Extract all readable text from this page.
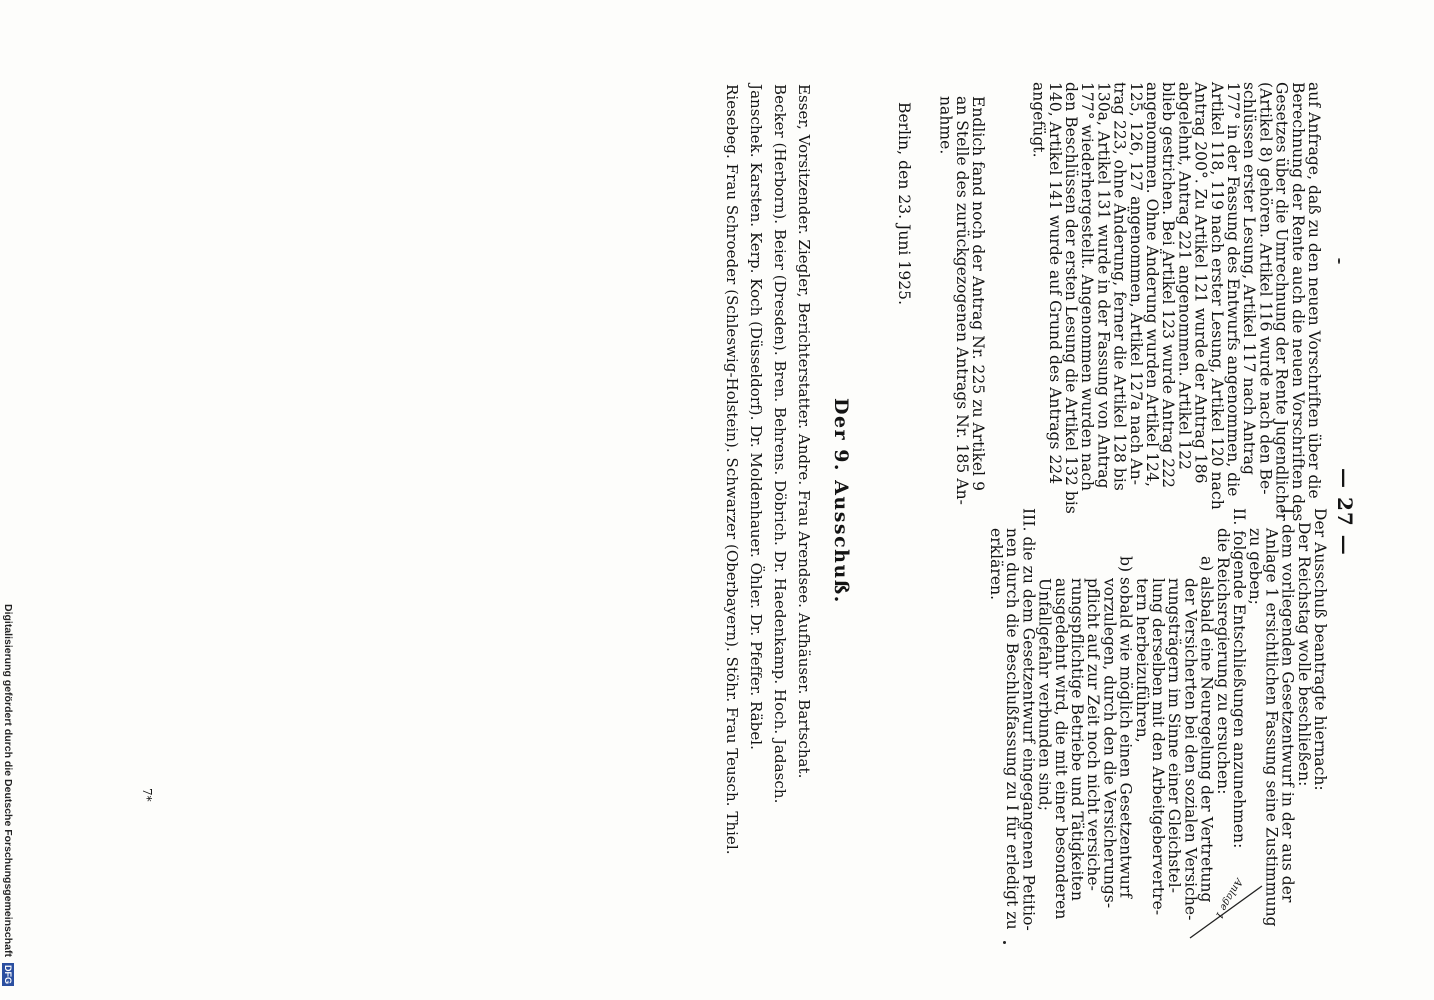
— 27 —
auf Anfrage, daß zu den neuen Vorschriften über die
Berechnung der Rente auch die neuen Vorschriften des
Gesetzes über die Umrechnung der Rente Jugendlicher
(Artikel 8) gehören. Artikel 116 wurde nach den Be-
schlüssen erster Lesung, Artikel 117 nach Antrag
177° in der Fassung des Entwurfs angenommen, die
Artikel 118, 119 nach erster Lesung, Artikel 120 nach
Antrag 200°. Zu Artikel 121 wurde der Antrag 186
abgelehnt, Antrag 221 angenommen. Artikel 122
blieb gestrichen. Bei Artikel 123 wurde Antrag 222
angenommen. Ohne Änderung wurden Artikel 124,
125, 126, 127 angenommen, Artikel 127a nach An-
trag 223, ohne Änderung, ferner die Artikel 128 bis
130a, Artikel 131 wurde in der Fassung von Antrag
177° wiederhergestellt. Angenommen wurden nach
den Beschlüssen der ersten Lesung die Artikel 132 bis
140, Artikel 141 wurde auf Grund des Antrags 224
angefügt.
Endlich fand noch der Antrag Nr. 225 zu Artikel 9
an Stelle des zurückgezogenen Antrags Nr. 185 An-
nahme.
Berlin, den 23. Juni 1925.
Der Ausschuß beantragte hiernach:
Der Reichstag wolle beschließen:
I. dem vorliegenden Gesetzentwurf in der aus der
Anlage 1 ersichtlichen Fassung seine Zustimmung
zu geben;
II. folgende Entschließungen anzunehmen:
die Reichsregierung zu ersuchen:
a) alsbald eine Neuregelung der Vertretung
der Versicherten bei den sozialen Versiche-
rungsträgern im Sinne einer Gleichstel-
lung derselben mit den Arbeitgebervertre-
tern herbeizuführen,
b) sobald wie möglich einen Gesetzentwurf
vorzulegen, durch den die Versicherungs-
pflicht auf zur Zeit noch nicht versiche-
rungspflichtige Betriebe und Tätigkeiten
ausgedehnt wird, die mit einer besonderen
Unfallgefahr verbunden sind;
III. die zu dem Gesetzentwurf eingegangenen Petitio-
nen durch die Beschlußfassung zu I für erledigt zu
erklären.
Der 9. Ausschuß.
Esser, Vorsitzender. Ziegler, Berichterstatter. Andre. Frau Arendsee. Aufhäuser. Bartschat.
Becker (Herborn). Beier (Dresden). Bren. Behrens. Döbrich. Dr. Haedenkamp. Hoch. Jadasch.
Janschek. Karsten. Kerp. Koch (Düsseldorf). Dr. Moldenhauer. Öhler. Dr. Pfeffer. Räbel.
Riesebeg. Frau Schroeder (Schleswig-Holstein). Schwarzer (Oberbayern). Stöhr. Frau Teusch. Thiel.
7*
Anlage 1
Digitalisierung gefördert durch die Deutsche Forschungsgemeinschaft DFG
